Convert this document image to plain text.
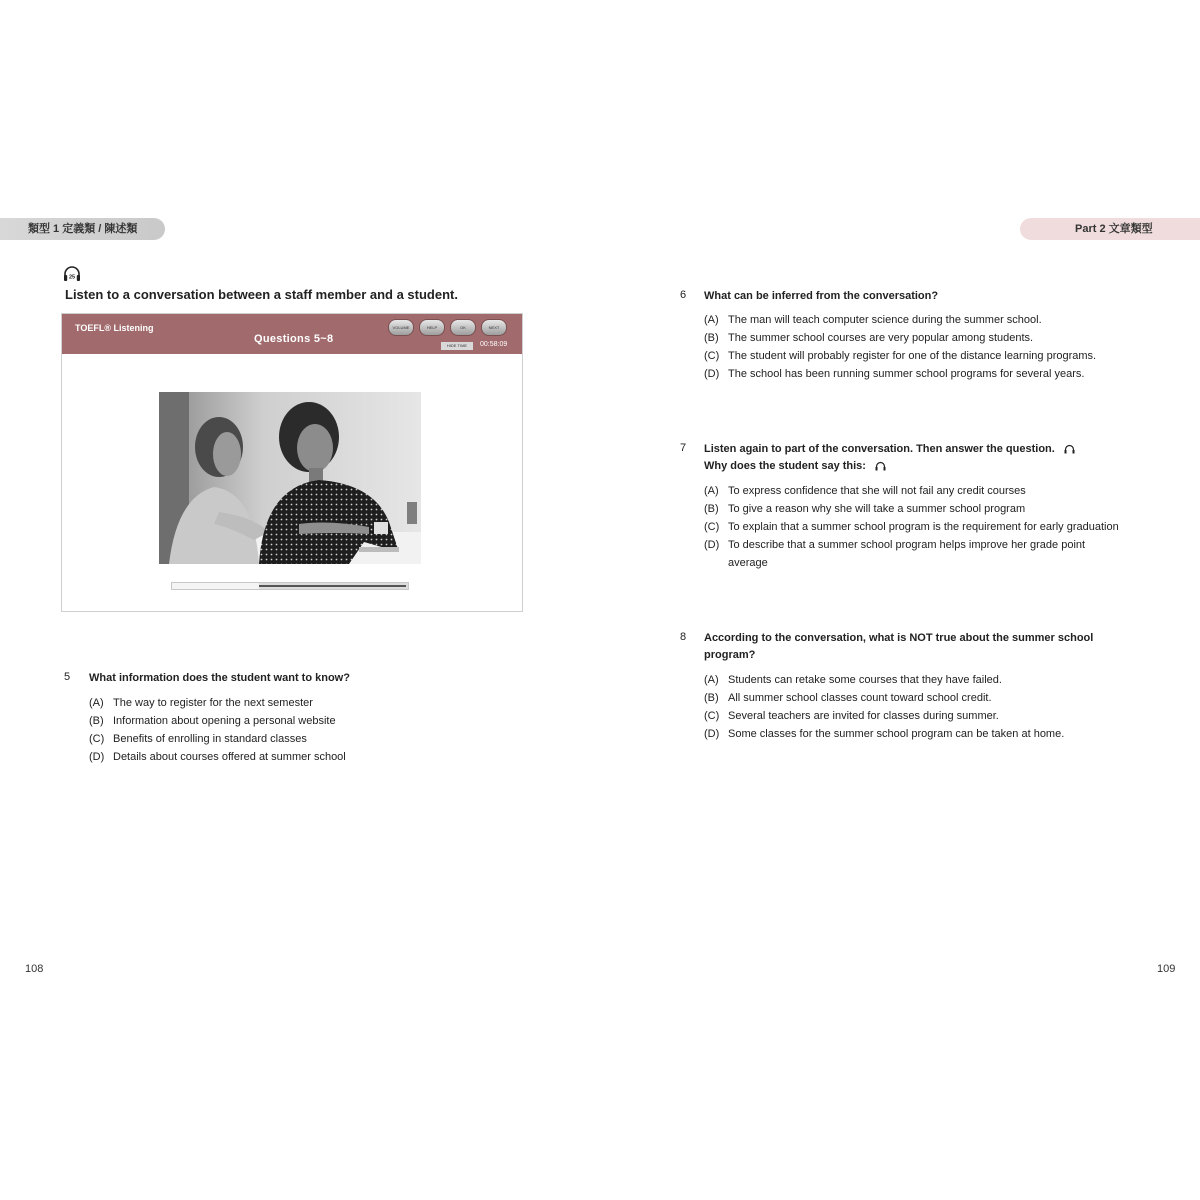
類型 1 定義類 / 陳述類	Part 2 文章類型
25
Listen to a conversation between a staff member and a student.
TOEFL® Listening
Questions 5~8
VOLUME	HELP	OK	NEXT
HIDE TIME	00:58:09
5 What information does the student want to know?
(A) The way to register for the next semester
(B) Information about opening a personal website
(C) Benefits of enrolling in standard classes
(D) Details about courses offered at summer school
6 What can be inferred from the conversation?
(A) The man will teach computer science during the summer school.
(B) The summer school courses are very popular among students.
(C) The student will probably register for one of the distance learning programs.
(D) The school has been running summer school programs for several years.
7 Listen again to part of the conversation. Then answer the question.
Why does the student say this:
(A) To express confidence that she will not fail any credit courses
(B) To give a reason why she will take a summer school program
(C) To explain that a summer school program is the requirement for early graduation
(D) To describe that a summer school program helps improve her grade point
average
8 According to the conversation, what is NOT true about the summer school
program?
(A) Students can retake some courses that they have failed.
(B) All summer school classes count toward school credit.
(C) Several teachers are invited for classes during summer.
(D) Some classes for the summer school program can be taken at home.
108	109
